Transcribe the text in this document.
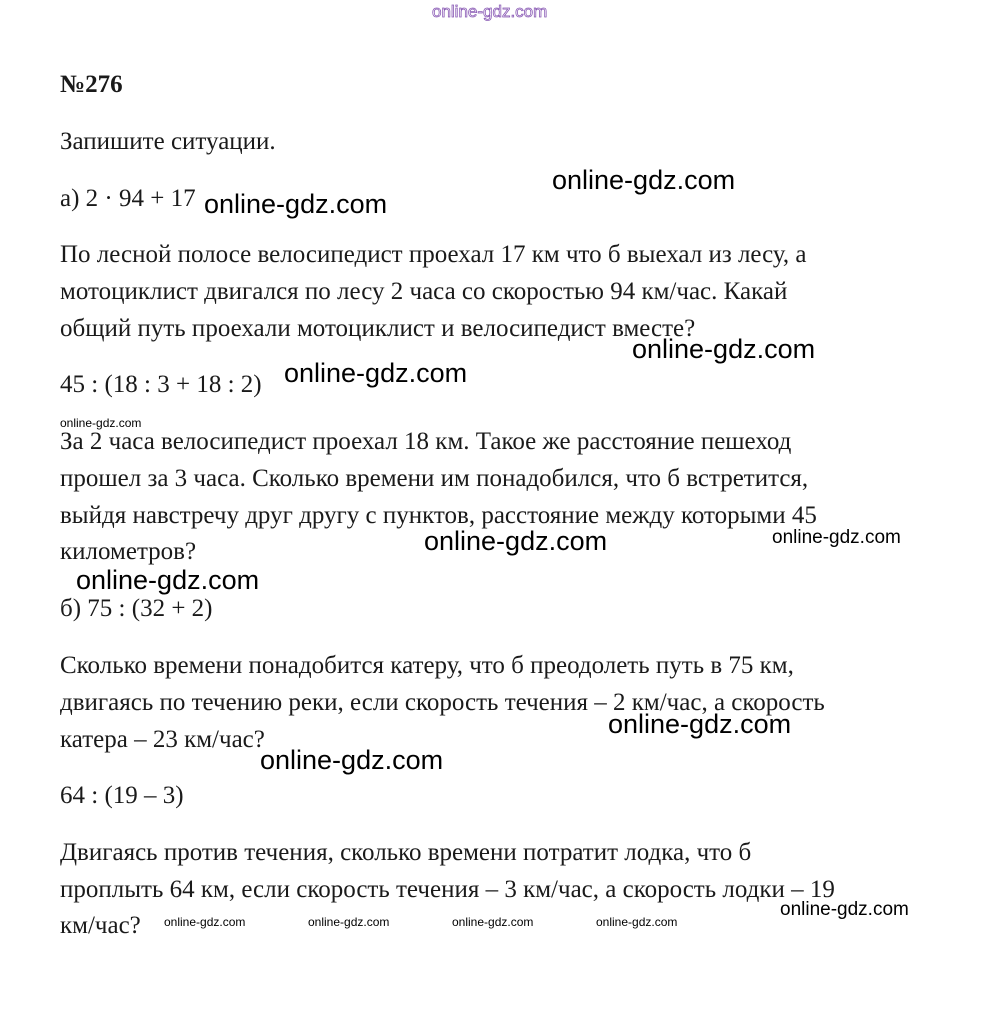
online-gdz.com

№276

Запишите ситуации.

а) 2 · 94 + 17

По лесной полосе велосипедист проехал 17 км что б выехал из лесу, а

мотоциклист двигался по лесу 2 часа со скоростью 94 км/час. Какай

общий путь проехали мотоциклист и велосипедист вместе?

45 : (18 : 3 + 18 : 2)

За 2 часа велосипедист проехал 18 км. Такое же расстояние пешеход

прошел за 3 часа. Сколько времени им понадобился, что б встретится,

выйдя навстречу друг другу с пунктов, расстояние между которыми 45

километров?

б) 75 : (32 + 2)

Сколько времени понадобится катеру, что б преодолеть путь в 75 км,

двигаясь по течению реки, если скорость течения – 2 км/час, а скорость

катера – 23 км/час?

64 : (19 – 3)

Двигаясь против течения, сколько времени потратит лодка, что б

проплыть 64 км, если скорость течения – 3 км/час, а скорость лодки – 19

км/час?

online-gdz.com
online-gdz.com
online-gdz.com
online-gdz.com
online-gdz.com
online-gdz.com	online-gdz.com
online-gdz.com
online-gdz.com
online-gdz.com
online-gdz.com
online-gdz.com	online-gdz.com	online-gdz.com	online-gdz.com
